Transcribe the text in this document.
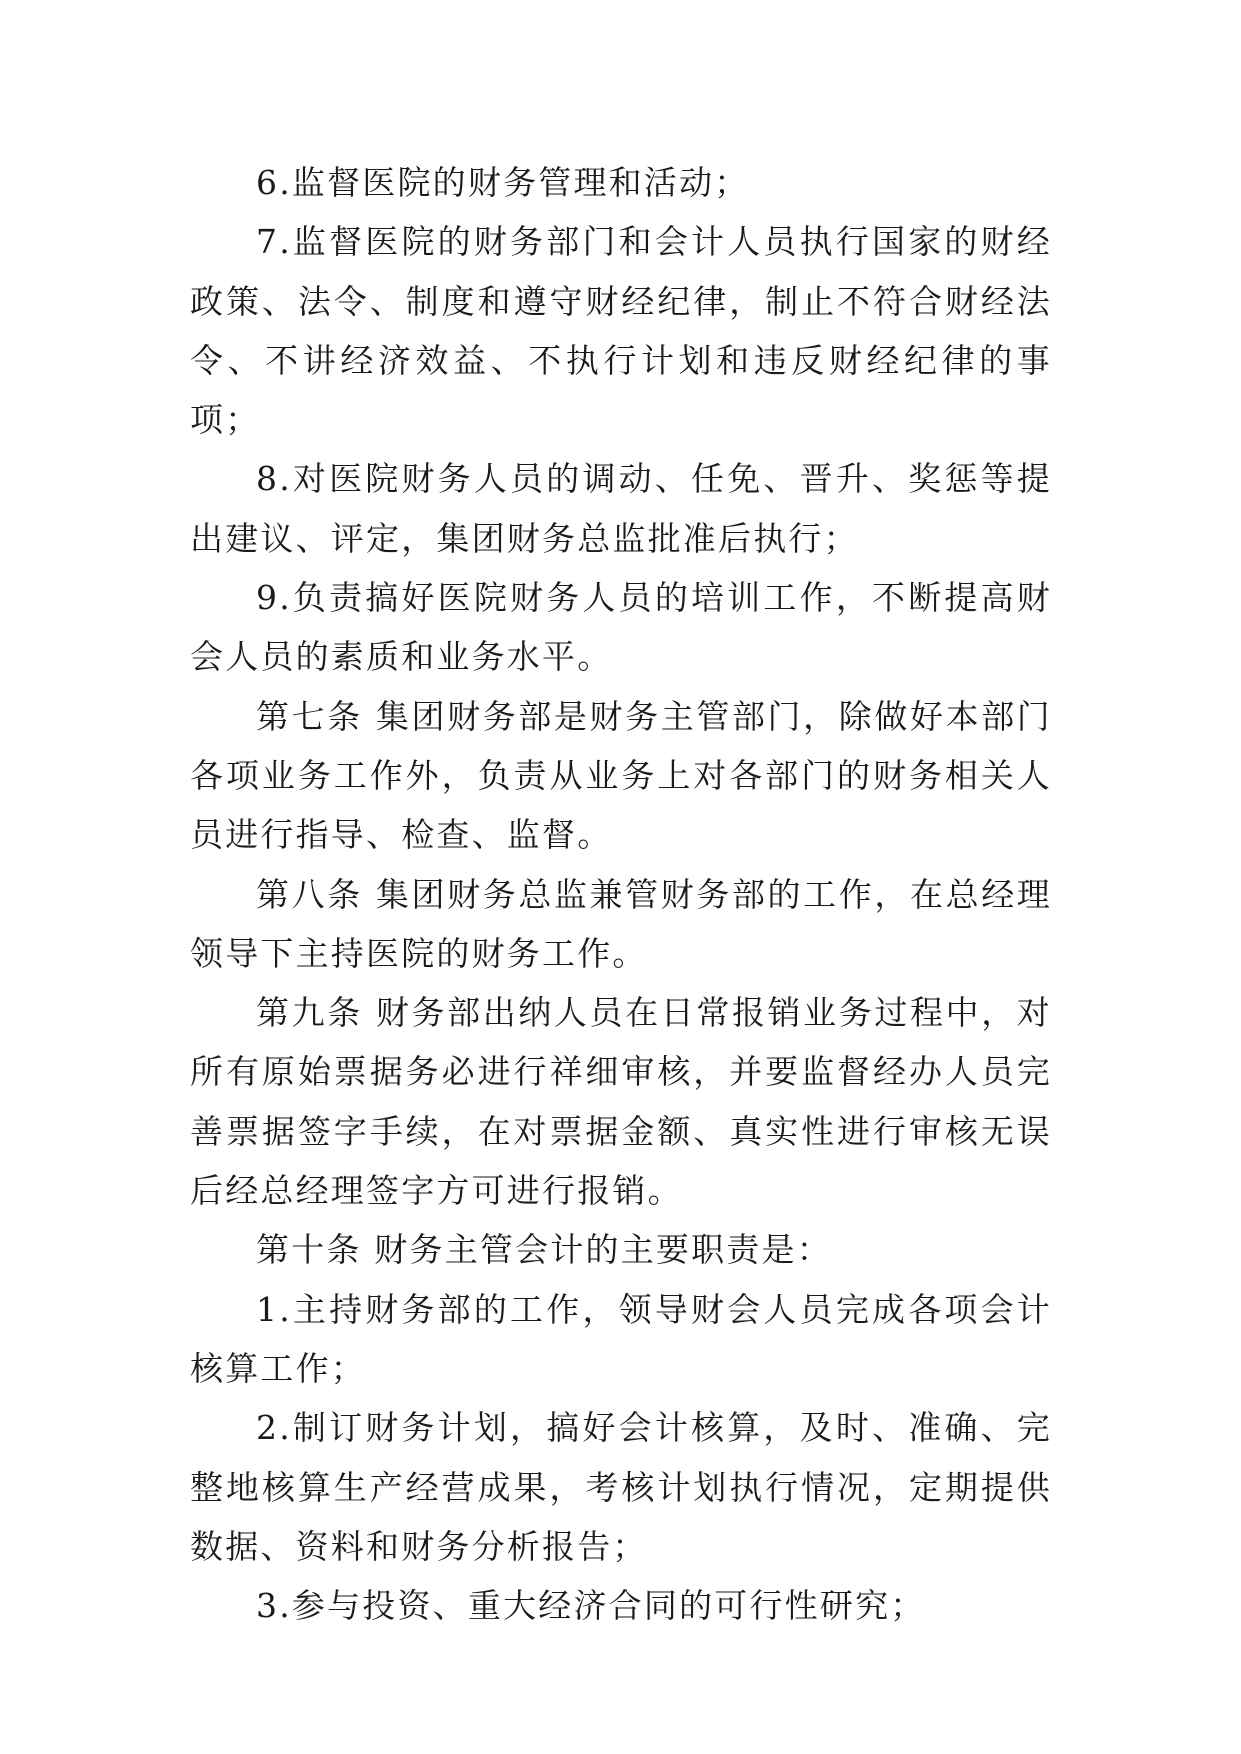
6.监督医院的财务管理和活动；

7.监督医院的财务部门和会计人员执行国家的财经政策、法令、制度和遵守财经纪律，制止不符合财经法令、不讲经济效益、不执行计划和违反财经纪律的事项；

8.对医院财务人员的调动、任免、晋升、奖惩等提出建议、评定，集团财务总监批准后执行；

9.负责搞好医院财务人员的培训工作，不断提高财会人员的素质和业务水平。

第七条 集团财务部是财务主管部门，除做好本部门各项业务工作外，负责从业务上对各部门的财务相关人员进行指导、检查、监督。

第八条 集团财务总监兼管财务部的工作，在总经理领导下主持医院的财务工作。

第九条 财务部出纳人员在日常报销业务过程中，对所有原始票据务必进行祥细审核，并要监督经办人员完善票据签字手续，在对票据金额、真实性进行审核无误后经总经理签字方可进行报销。

第十条 财务主管会计的主要职责是：

1.主持财务部的工作，领导财会人员完成各项会计核算工作；

2.制订财务计划，搞好会计核算，及时、准确、完整地核算生产经营成果，考核计划执行情况，定期提供数据、资料和财务分析报告；

3.参与投资、重大经济合同的可行性研究；
